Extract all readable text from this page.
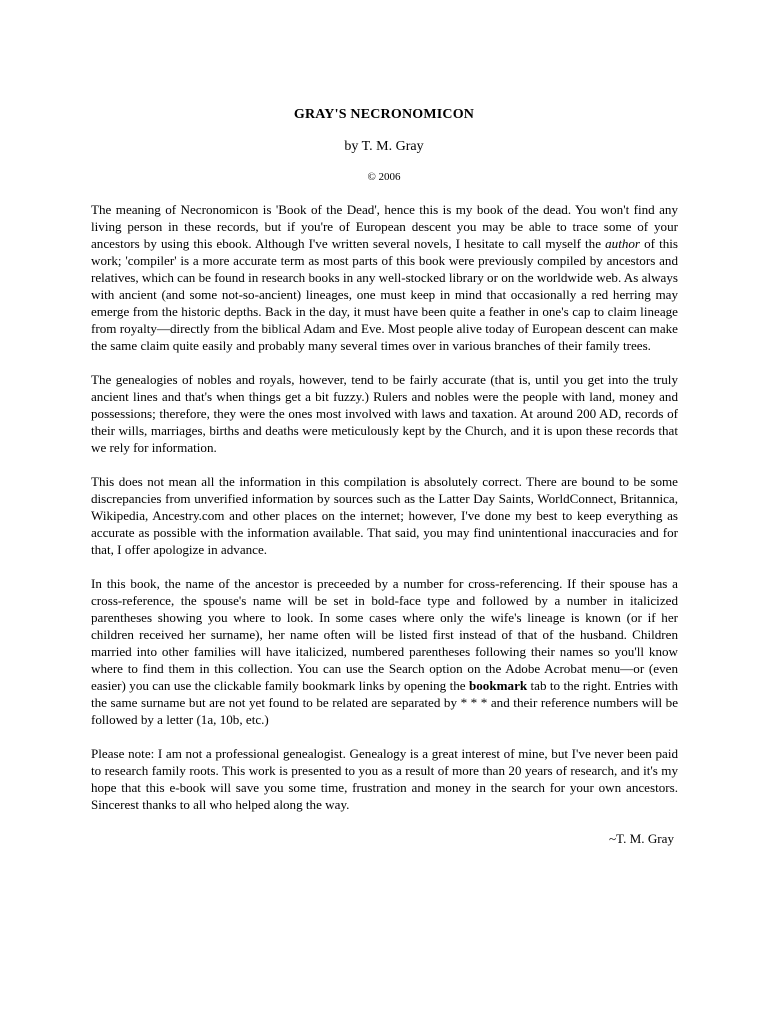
GRAY'S NECRONOMICON
by T. M. Gray
© 2006

The meaning of Necronomicon is 'Book of the Dead', hence this is my book of the dead. You won't find any living person in these records, but if you're of European descent you may be able to trace some of your ancestors by using this ebook. Although I've written several novels, I hesitate to call myself the author of this work; 'compiler' is a more accurate term as most parts of this book were previously compiled by ancestors and relatives, which can be found in research books in any well-stocked library or on the worldwide web. As always with ancient (and some not-so-ancient) lineages, one must keep in mind that occasionally a red herring may emerge from the historic depths. Back in the day, it must have been quite a feather in one's cap to claim lineage from royalty—directly from the biblical Adam and Eve. Most people alive today of European descent can make the same claim quite easily and probably many several times over in various branches of their family trees.

The genealogies of nobles and royals, however, tend to be fairly accurate (that is, until you get into the truly ancient lines and that's when things get a bit fuzzy.) Rulers and nobles were the people with land, money and possessions; therefore, they were the ones most involved with laws and taxation. At around 200 AD, records of their wills, marriages, births and deaths were meticulously kept by the Church, and it is upon these records that we rely for information.

This does not mean all the information in this compilation is absolutely correct. There are bound to be some discrepancies from unverified information by sources such as the Latter Day Saints, WorldConnect, Britannica, Wikipedia, Ancestry.com and other places on the internet; however, I've done my best to keep everything as accurate as possible with the information available. That said, you may find unintentional inaccuracies and for that, I offer apologize in advance.

In this book, the name of the ancestor is preceeded by a number for cross-referencing. If their spouse has a cross-reference, the spouse's name will be set in bold-face type and followed by a number in italicized parentheses showing you where to look. In some cases where only the wife's lineage is known (or if her children received her surname), her name often will be listed first instead of that of the husband. Children married into other families will have italicized, numbered parentheses following their names so you'll know where to find them in this collection. You can use the Search option on the Adobe Acrobat menu—or (even easier) you can use the clickable family bookmark links by opening the bookmark tab to the right. Entries with the same surname but are not yet found to be related are separated by * * * and their reference numbers will be followed by a letter (1a, 10b, etc.)

Please note: I am not a professional genealogist. Genealogy is a great interest of mine, but I've never been paid to research family roots. This work is presented to you as a result of more than 20 years of research, and it's my hope that this e-book will save you some time, frustration and money in the search for your own ancestors. Sincerest thanks to all who helped along the way.

~T. M. Gray
